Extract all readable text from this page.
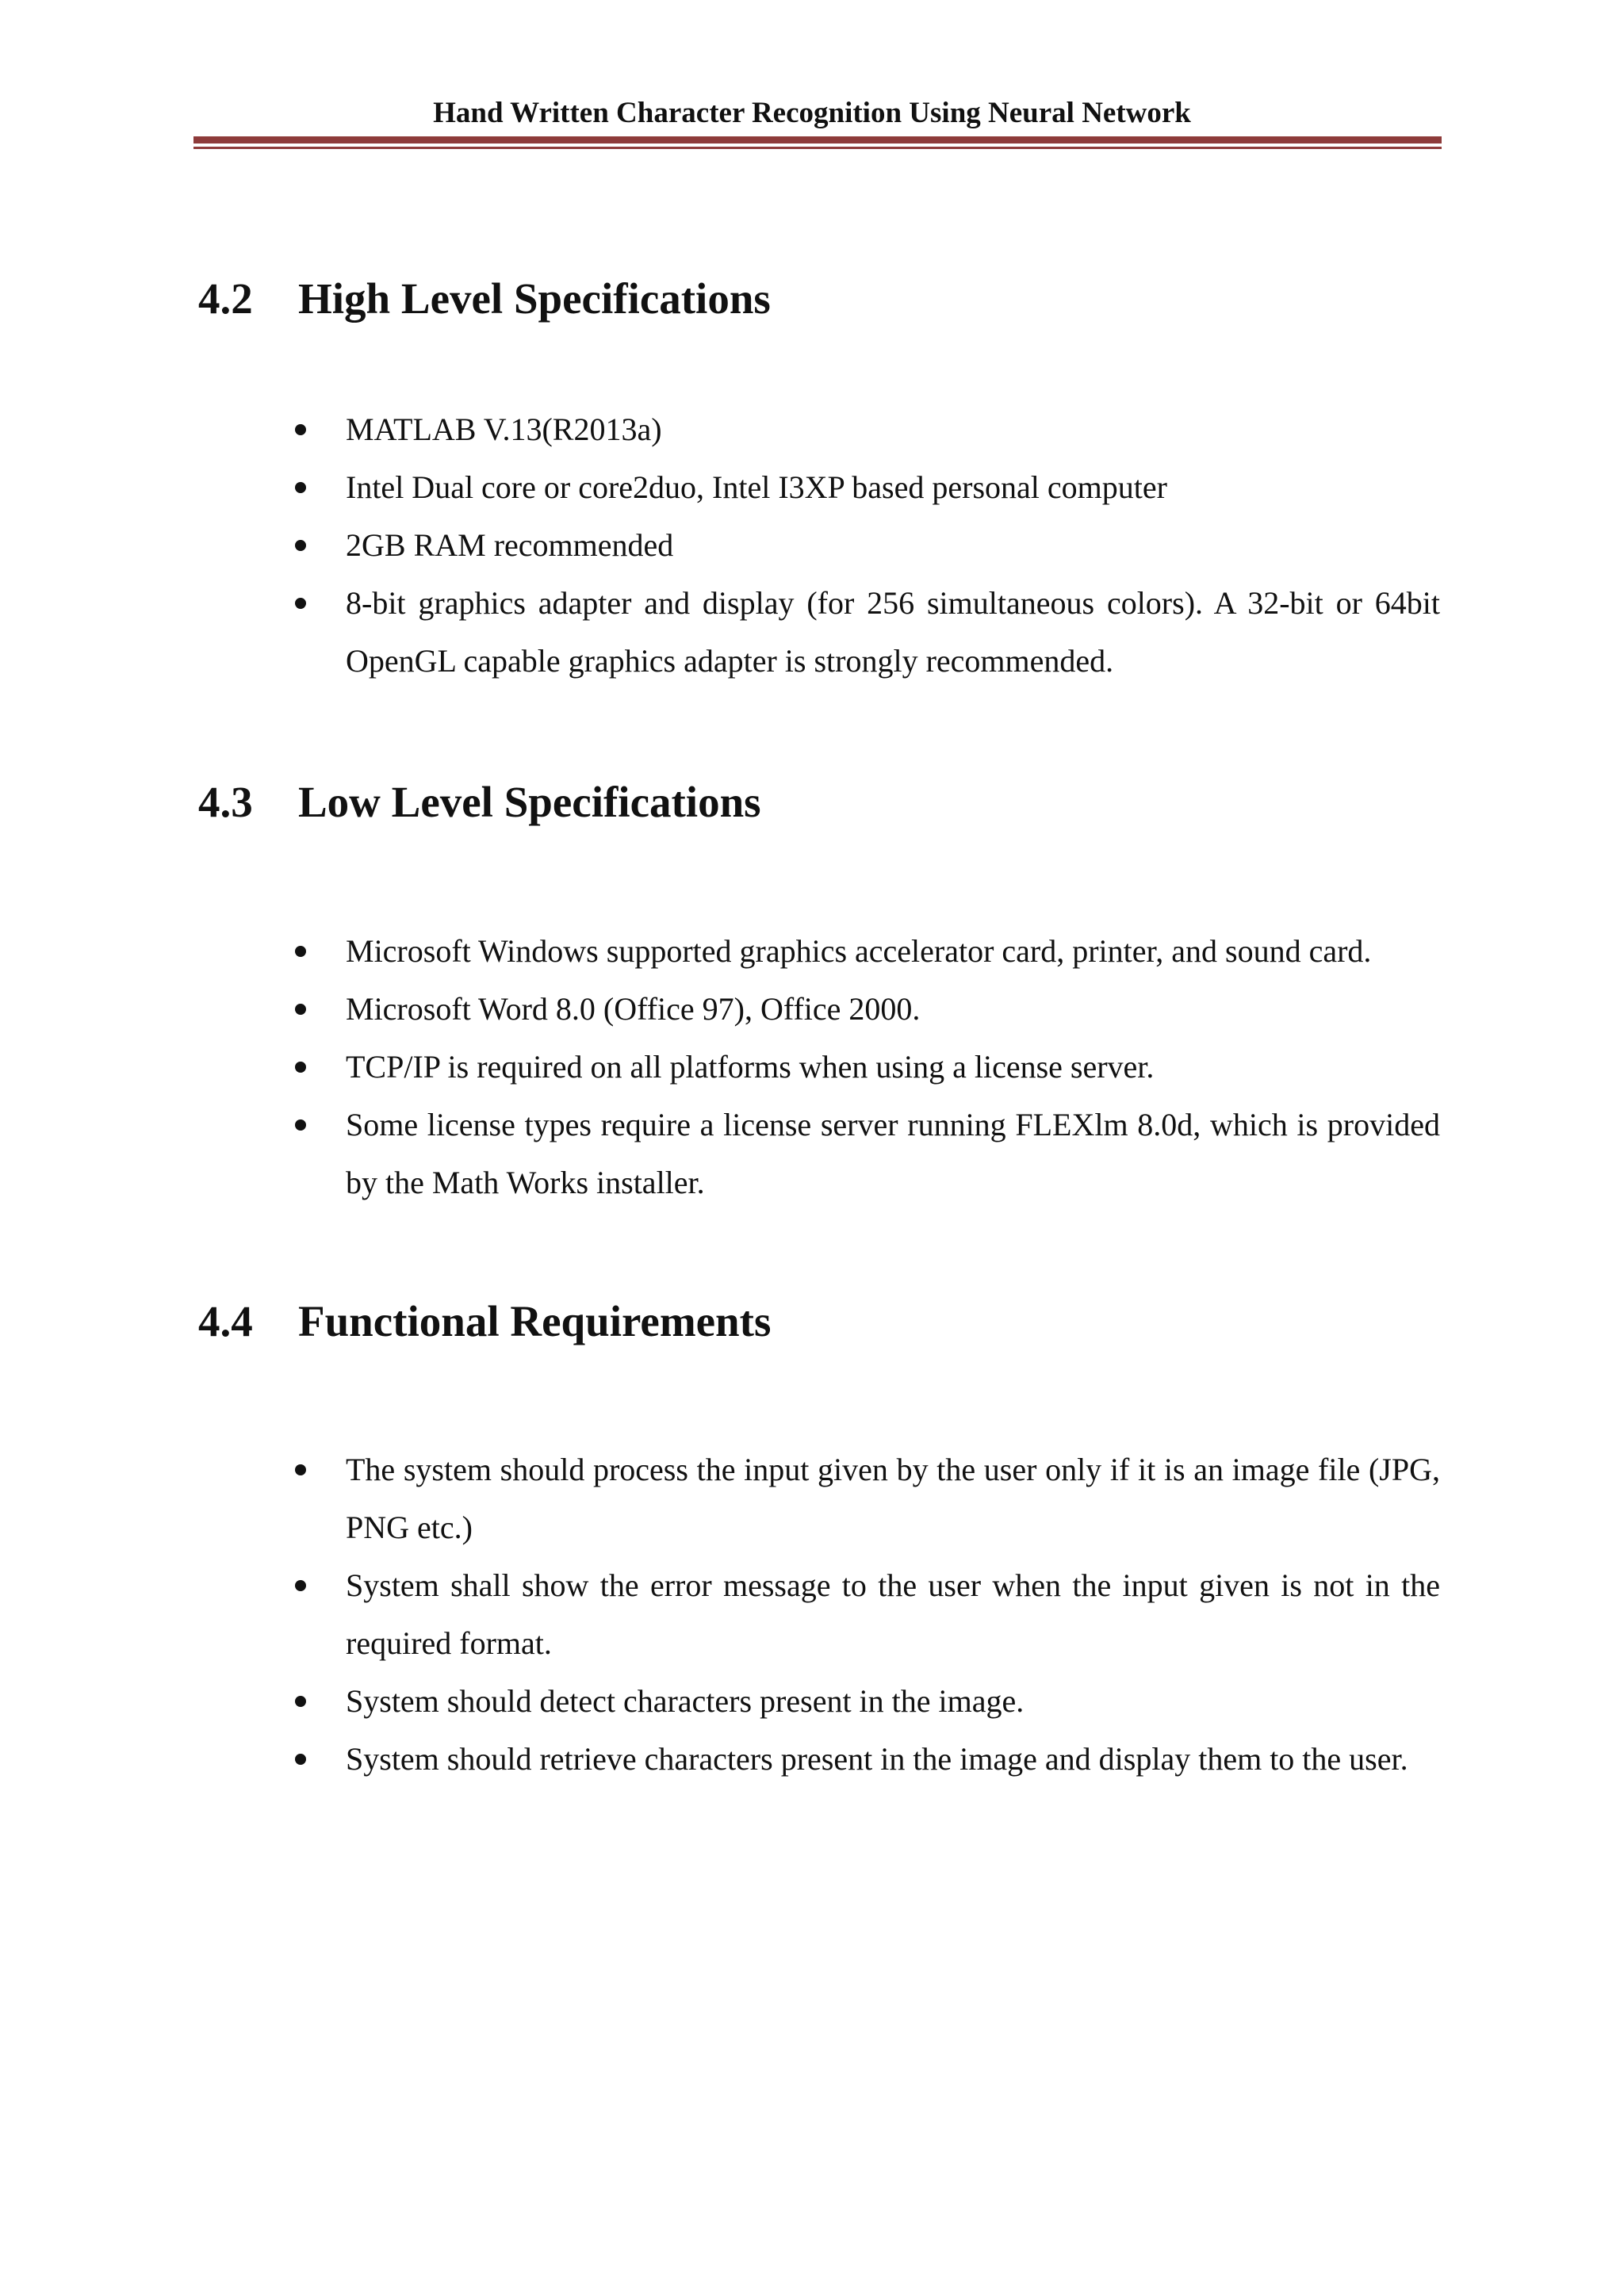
Hand Written Character Recognition Using Neural Network
4.2 High Level Specifications
MATLAB V.13(R2013a)
Intel Dual core or core2duo, Intel I3XP based personal computer
2GB RAM recommended
8-bit graphics adapter and display (for 256 simultaneous colors). A 32-bit or 64bit OpenGL capable graphics adapter is strongly recommended.
4.3 Low Level Specifications
Microsoft Windows supported graphics accelerator card, printer, and sound card.
Microsoft Word 8.0 (Office 97), Office 2000.
TCP/IP is required on all platforms when using a license server.
Some license types require a license server running FLEXlm 8.0d, which is provided by the Math Works installer.
4.4 Functional Requirements
The system should process the input given by the user only if it is an image file (JPG, PNG etc.)
System shall show the error message to the user when the input given is not in the required format.
System should detect characters present in the image.
System should retrieve characters present in the image and display them to the user.
